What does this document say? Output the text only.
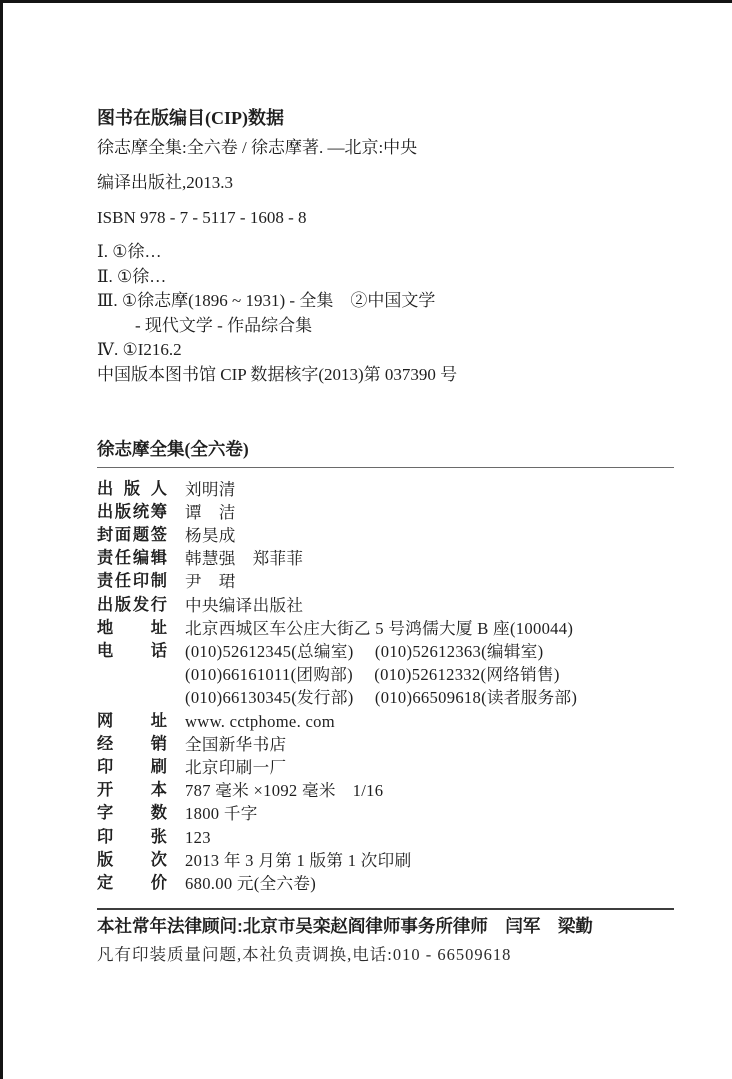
图书在版编目(CIP)数据
徐志摩全集:全六卷 / 徐志摩著. —北京:中央
编译出版社,2013.3
ISBN 978 - 7 - 5117 - 1608 - 8
Ⅰ. ①徐…
Ⅱ. ①徐…
Ⅲ. ①徐志摩(1896 ~ 1931) - 全集　②中国文学
- 现代文学 - 作品综合集
Ⅳ. ①I216.2
中国版本图书馆 CIP 数据核字(2013)第 037390 号
徐志摩全集(全六卷)
出版人 刘明清
出版统筹 谭　洁
封面题签 杨昊成
责任编辑 韩慧强　郑菲菲
责任印制 尹　珺
出版发行 中央编译出版社
地址 北京西城区车公庄大街乙 5 号鸿儒大厦 B 座(100044)
电话 (010)52612345(总编室)　 (010)52612363(编辑室)
(010)66161011(团购部)　 (010)52612332(网络销售)
(010)66130345(发行部)　 (010)66509618(读者服务部)
网址 www. cctphome. com
经销 全国新华书店
印刷 北京印刷一厂
开本 787 毫米 ×1092 毫米　1/16
字数 1800 千字
印张 123
版次 2013 年 3 月第 1 版第 1 次印刷
定价 680.00 元(全六卷)
本社常年法律顾问:北京市吴栾赵阎律师事务所律师　闫军　梁勤
凡有印装质量问题,本社负责调换,电话:010 - 66509618
